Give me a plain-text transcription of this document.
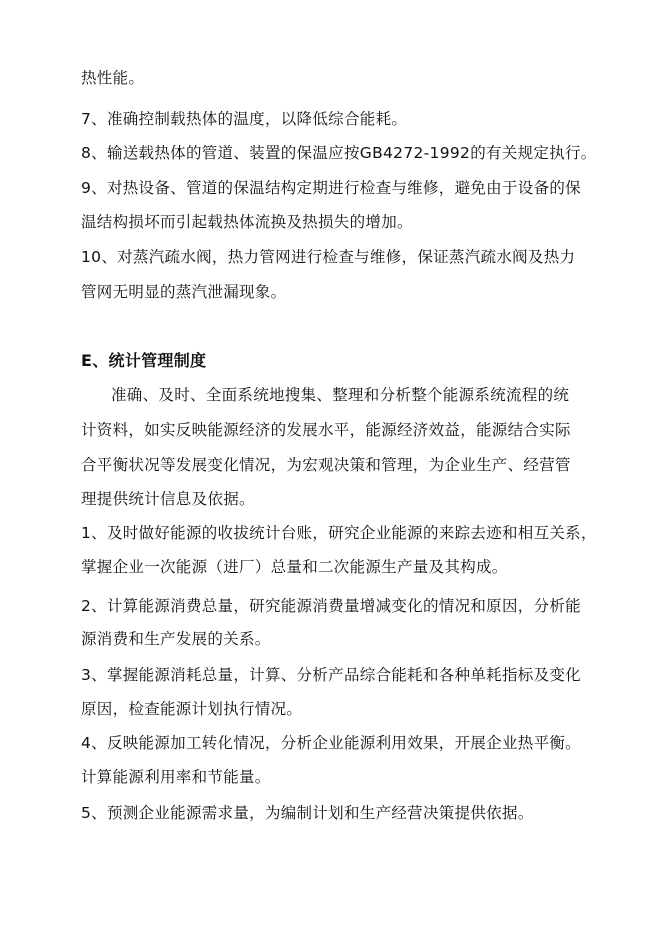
热性能。

7、准确控制载热体的温度，以降低综合能耗。

8、输送载热体的管道、装置的保温应按GB4272-1992的有关规定执行。

9、对热设备、管道的保温结构定期进行检查与维修，避免由于设备的保

温结构损坏而引起载热体流换及热损失的增加。

10、对蒸汽疏水阀，热力管网进行检查与维修，保证蒸汽疏水阀及热力

管网无明显的蒸汽泄漏现象。

E、统计管理制度

准确、及时、全面系统地搜集、整理和分析整个能源系统流程的统

计资料，如实反映能源经济的发展水平，能源经济效益，能源结合实际

合平衡状况等发展变化情况，为宏观决策和管理，为企业生产、经营管

理提供统计信息及依据。

1、及时做好能源的收拔统计台账，研究企业能源的来踪去迹和相互关系，

掌握企业一次能源（进厂）总量和二次能源生产量及其构成。

2、计算能源消费总量，研究能源消费量增减变化的情况和原因，分析能

源消费和生产发展的关系。

3、掌握能源消耗总量，计算、分析产品综合能耗和各种单耗指标及变化

原因，检查能源计划执行情况。

4、反映能源加工转化情况，分析企业能源利用效果，开展企业热平衡。

计算能源利用率和节能量。

5、预测企业能源需求量，为编制计划和生产经营决策提供依据。
